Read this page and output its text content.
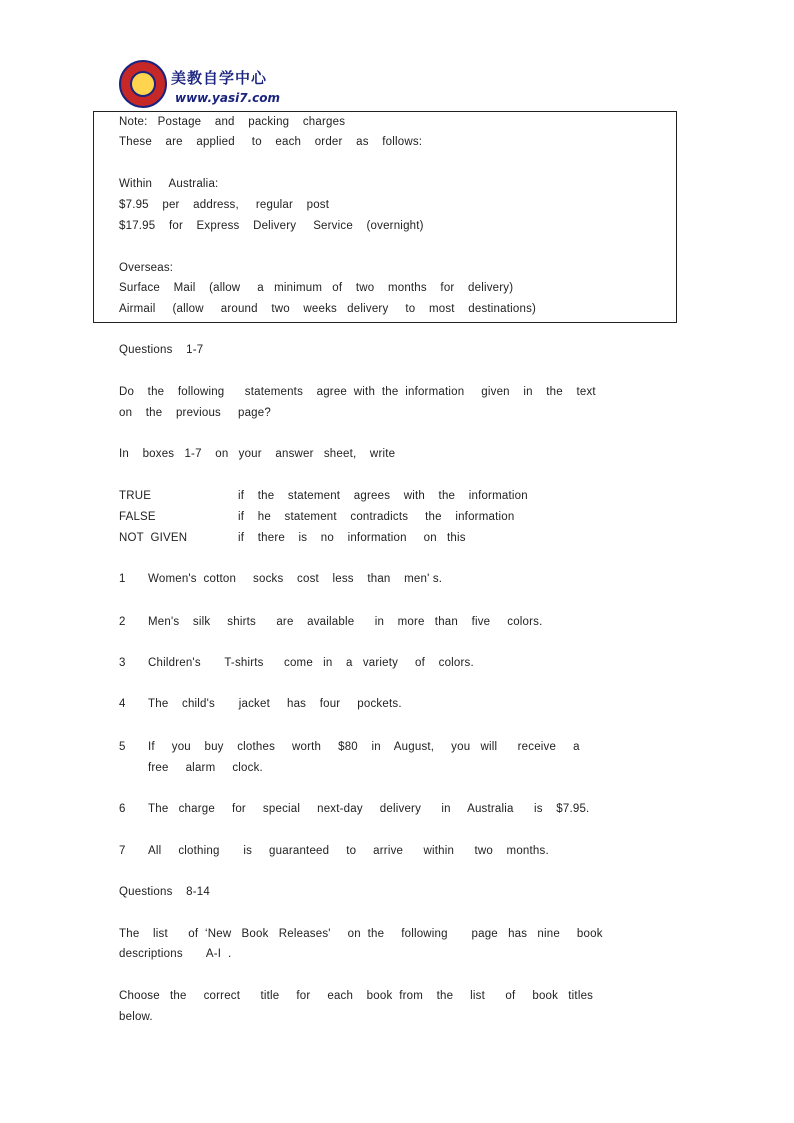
美教自学中心
www.yasi7.com
Note:   Postage    and    packing    charges
These    are    applied     to    each    order    as    follows:
Within     Australia:
$7.95    per    address,     regular    post
$17.95    for    Express    Delivery     Service    (overnight)
Overseas:
Surface    Mail    (allow     a   minimum   of    two    months    for    delivery)
Airmail     (allow     around    two    weeks   delivery     to    most    destinations)
Questions    1-7
Do    the    following      statements    agree  with  the  information     given    in    the    text
on    the    previous     page?
In    boxes   1-7    on   your    answer   sheet,    write
TRUE	if    the    statement    agrees    with    the    information
FALSE	if    he    statement    contradicts     the    information
NOT  GIVEN	if    there    is    no    information     on   this
1 Women's  cotton     socks    cost    less    than    men' s.
2 Men's    silk     shirts      are    available      in    more   than    five     colors.
3 Children's       T-shirts      come   in    a   variety     of    colors.
4 The    child's       jacket     has    four     pockets.
5 If     you    buy    clothes     worth     $80    in    August,     you   will      receive     a
free     alarm     clock.
6 The   charge     for     special     next-day     delivery      in     Australia      is    $7.95.
7 All     clothing       is     guaranteed     to     arrive      within      two    months.
Questions    8-14
The    list      of  ‘New   Book   Releases'     on  the     following       page   has   nine     book
descriptions       A-I  .
Choose   the     correct      title     for     each    book  from    the     list      of     book   titles
below.
